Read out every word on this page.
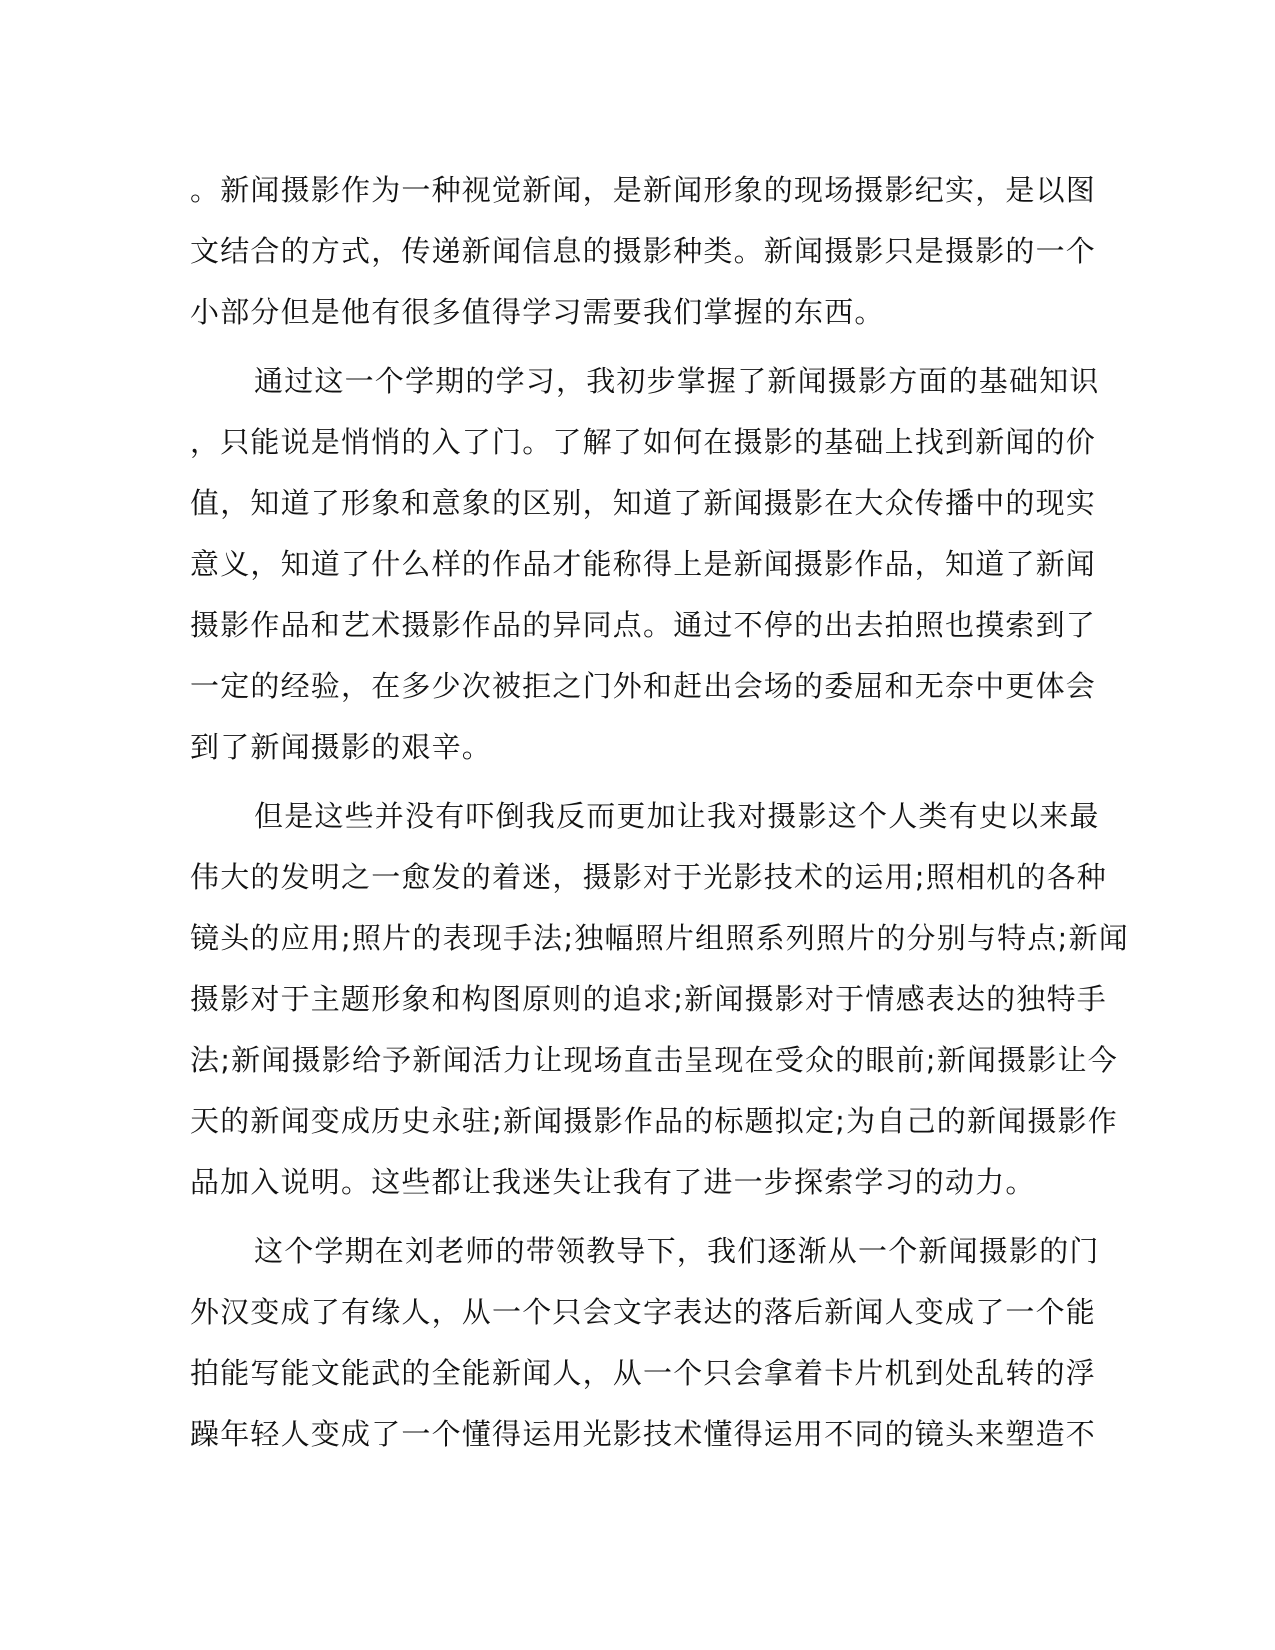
。新闻摄影作为一种视觉新闻，是新闻形象的现场摄影纪实，是以图
文结合的方式，传递新闻信息的摄影种类。新闻摄影只是摄影的一个
小部分但是他有很多值得学习需要我们掌握的东西。
通过这一个学期的学习，我初步掌握了新闻摄影方面的基础知识
，只能说是悄悄的入了门。了解了如何在摄影的基础上找到新闻的价
值，知道了形象和意象的区别，知道了新闻摄影在大众传播中的现实
意义，知道了什么样的作品才能称得上是新闻摄影作品，知道了新闻
摄影作品和艺术摄影作品的异同点。通过不停的出去拍照也摸索到了
一定的经验，在多少次被拒之门外和赶出会场的委屈和无奈中更体会
到了新闻摄影的艰辛。
但是这些并没有吓倒我反而更加让我对摄影这个人类有史以来最
伟大的发明之一愈发的着迷，摄影对于光影技术的运用;照相机的各种
镜头的应用;照片的表现手法;独幅照片组照系列照片的分别与特点;新闻
摄影对于主题形象和构图原则的追求;新闻摄影对于情感表达的独特手
法;新闻摄影给予新闻活力让现场直击呈现在受众的眼前;新闻摄影让今
天的新闻变成历史永驻;新闻摄影作品的标题拟定;为自己的新闻摄影作
品加入说明。这些都让我迷失让我有了进一步探索学习的动力。
这个学期在刘老师的带领教导下，我们逐渐从一个新闻摄影的门
外汉变成了有缘人，从一个只会文字表达的落后新闻人变成了一个能
拍能写能文能武的全能新闻人，从一个只会拿着卡片机到处乱转的浮
躁年轻人变成了一个懂得运用光影技术懂得运用不同的镜头来塑造不
